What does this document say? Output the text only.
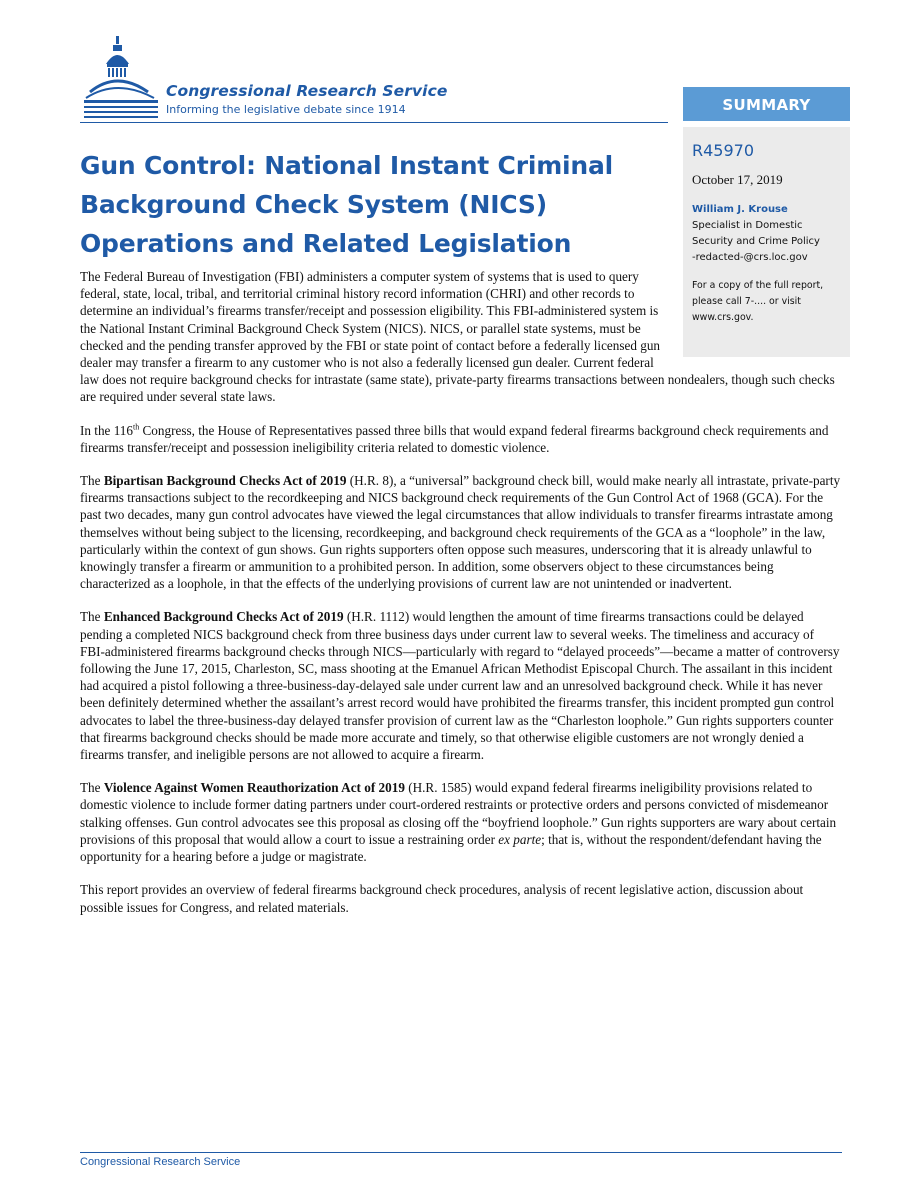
Congressional Research Service
Informing the legislative debate since 1914
Gun Control: National Instant Criminal Background Check System (NICS) Operations and Related Legislation
SUMMARY
R45970
October 17, 2019
William J. Krouse
Specialist in Domestic
Security and Crime Policy
-redacted-@crs.loc.gov
For a copy of the full report,
please call 7-.... or visit
www.crs.gov.

The Federal Bureau of Investigation (FBI) administers a computer system of systems that is used to query federal, state, local, tribal, and territorial criminal history record information (CHRI) and other records to determine an individual’s firearms transfer/receipt and possession eligibility. This FBI-administered system is the National Instant Criminal Background Check System (NICS). NICS, or parallel state systems, must be checked and the pending transfer approved by the FBI or state point of contact before a federally licensed gun dealer may transfer a firearm to any customer who is not also a federally licensed gun dealer. Current federal law does not require background checks for intrastate (same state), private-party firearms transactions between nondealers, though such checks are required under several state laws.

In the 116th Congress, the House of Representatives passed three bills that would expand federal firearms background check requirements and firearms transfer/receipt and possession ineligibility criteria related to domestic violence.

The Bipartisan Background Checks Act of 2019 (H.R. 8), a “universal” background check bill, would make nearly all intrastate, private-party firearms transactions subject to the recordkeeping and NICS background check requirements of the Gun Control Act of 1968 (GCA). For the past two decades, many gun control advocates have viewed the legal circumstances that allow individuals to transfer firearms intrastate among themselves without being subject to the licensing, recordkeeping, and background check requirements of the GCA as a “loophole” in the law, particularly within the context of gun shows. Gun rights supporters often oppose such measures, underscoring that it is already unlawful to knowingly transfer a firearm or ammunition to a prohibited person. In addition, some observers object to these circumstances being characterized as a loophole, in that the effects of the underlying provisions of current law are not unintended or inadvertent.

The Enhanced Background Checks Act of 2019 (H.R. 1112) would lengthen the amount of time firearms transactions could be delayed pending a completed NICS background check from three business days under current law to several weeks. The timeliness and accuracy of FBI-administered firearms background checks through NICS—particularly with regard to “delayed proceeds”—became a matter of controversy following the June 17, 2015, Charleston, SC, mass shooting at the Emanuel African Methodist Episcopal Church. The assailant in this incident had acquired a pistol following a three-business-day-delayed sale under current law and an unresolved background check. While it has never been definitely determined whether the assailant’s arrest record would have prohibited the firearms transfer, this incident prompted gun control advocates to label the three-business-day delayed transfer provision of current law as the “Charleston loophole.” Gun rights supporters counter that firearms background checks should be made more accurate and timely, so that otherwise eligible customers are not wrongly denied a firearms transfer, and ineligible persons are not allowed to acquire a firearm.

The Violence Against Women Reauthorization Act of 2019 (H.R. 1585) would expand federal firearms ineligibility provisions related to domestic violence to include former dating partners under court-ordered restraints or protective orders and persons convicted of misdemeanor stalking offenses. Gun control advocates see this proposal as closing off the “boyfriend loophole.” Gun rights supporters are wary about certain provisions of this proposal that would allow a court to issue a restraining order ex parte; that is, without the respondent/defendant having the opportunity for a hearing before a judge or magistrate.

This report provides an overview of federal firearms background check procedures, analysis of recent legislative action, discussion about possible issues for Congress, and related materials.

Congressional Research Service
